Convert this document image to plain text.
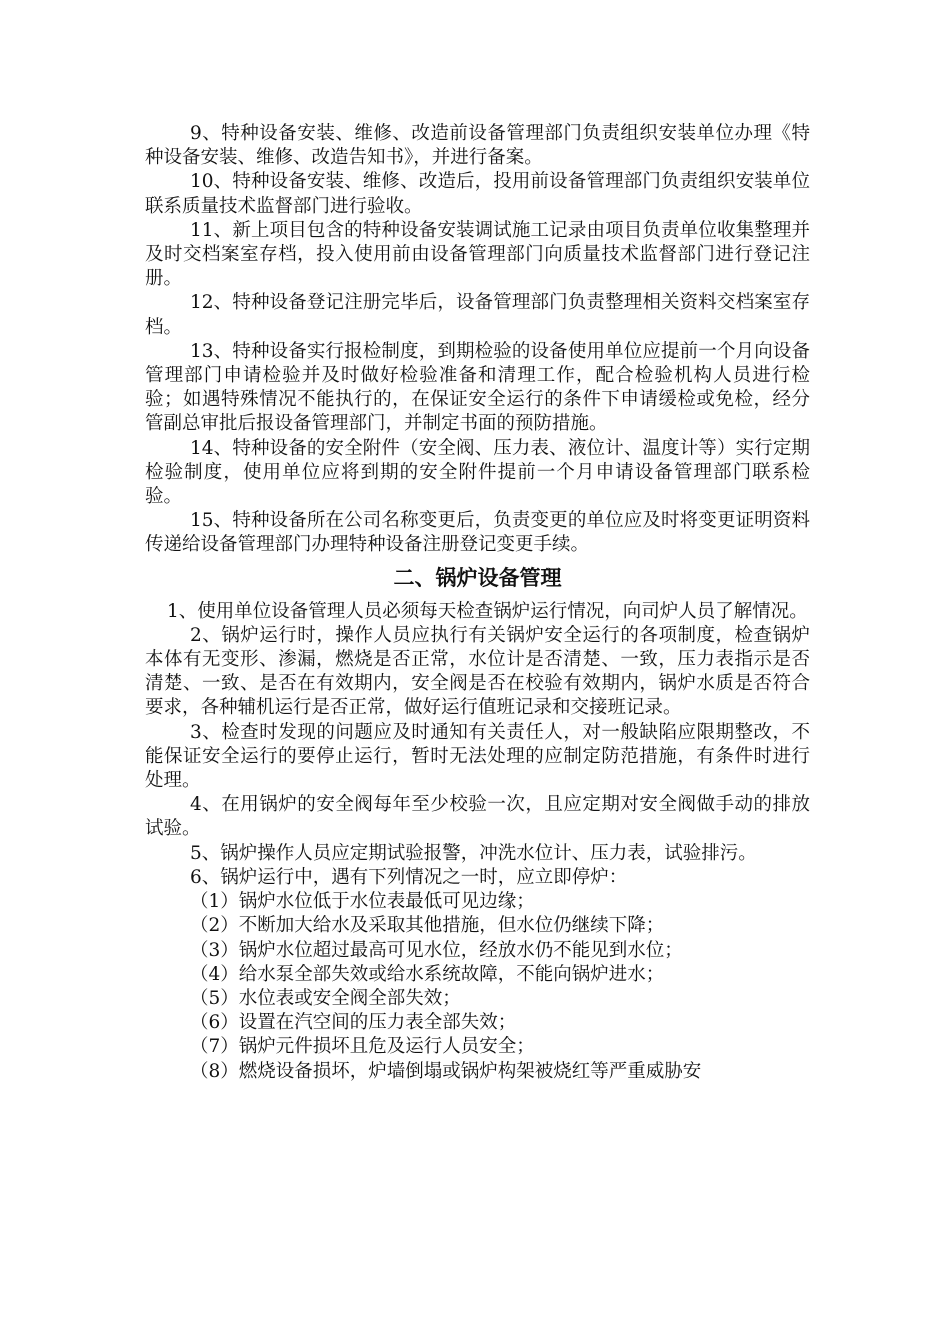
9、特种设备安装、维修、改造前设备管理部门负责组织安装单位办理《特种设备安装、维修、改造告知书》，并进行备案。

10、特种设备安装、维修、改造后，投用前设备管理部门负责组织安装单位联系质量技术监督部门进行验收。

11、新上项目包含的特种设备安装调试施工记录由项目负责单位收集整理并及时交档案室存档，投入使用前由设备管理部门向质量技术监督部门进行登记注册。

12、特种设备登记注册完毕后，设备管理部门负责整理相关资料交档案室存档。

13、特种设备实行报检制度，到期检验的设备使用单位应提前一个月向设备管理部门申请检验并及时做好检验准备和清理工作，配合检验机构人员进行检验；如遇特殊情况不能执行的，在保证安全运行的条件下申请缓检或免检，经分管副总审批后报设备管理部门，并制定书面的预防措施。

14、特种设备的安全附件（安全阀、压力表、液位计、温度计等）实行定期检验制度，使用单位应将到期的安全附件提前一个月申请设备管理部门联系检验。

15、特种设备所在公司名称变更后，负责变更的单位应及时将变更证明资料传递给设备管理部门办理特种设备注册登记变更手续。

二、锅炉设备管理

1、使用单位设备管理人员必须每天检查锅炉运行情况，向司炉人员了解情况。

2、锅炉运行时，操作人员应执行有关锅炉安全运行的各项制度，检查锅炉本体有无变形、渗漏，燃烧是否正常，水位计是否清楚、一致，压力表指示是否清楚、一致、是否在有效期内，安全阀是否在校验有效期内，锅炉水质是否符合要求，各种辅机运行是否正常，做好运行值班记录和交接班记录。

3、检查时发现的问题应及时通知有关责任人，对一般缺陷应限期整改，不能保证安全运行的要停止运行，暂时无法处理的应制定防范措施，有条件时进行处理。

4、在用锅炉的安全阀每年至少校验一次，且应定期对安全阀做手动的排放试验。

5、锅炉操作人员应定期试验报警，冲洗水位计、压力表，试验排污。

6、锅炉运行中，遇有下列情况之一时，应立即停炉：

（1）锅炉水位低于水位表最低可见边缘；

（2）不断加大给水及采取其他措施，但水位仍继续下降；

（3）锅炉水位超过最高可见水位，经放水仍不能见到水位；

（4）给水泵全部失效或给水系统故障，不能向锅炉进水；

（5）水位表或安全阀全部失效；

（6）设置在汽空间的压力表全部失效；

（7）锅炉元件损坏且危及运行人员安全；

（8）燃烧设备损坏，炉墙倒塌或锅炉构架被烧红等严重威胁安
